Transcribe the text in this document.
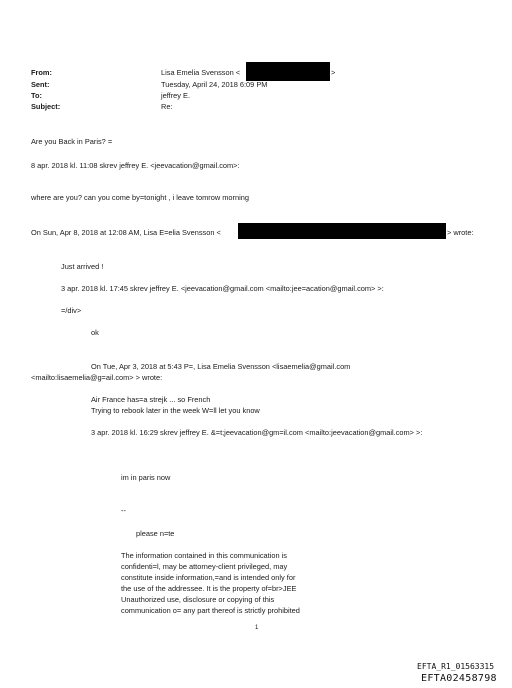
From:	Lisa Emelia Svensson <	>
Sent:	Tuesday, April 24, 2018 6:09 PM
To:	jeffrey E.
Subject:	Re:
Are you Back in Paris? =
8 apr. 2018 kl. 11:08 skrev jeffrey E. <jeevacation@gmail.com>:
where are you? can you come by=tonight , i leave tomrow morning
On Sun, Apr 8, 2018 at 12:08 AM, Lisa E=elia Svensson <	> wrote:
Just arrived !
3 apr. 2018 kl. 17:45 skrev jeffrey E. <jeevacation@gmail.com <mailto:jee=acation@gmail.com> >:
=/div>
ok
On Tue, Apr 3, 2018 at 5:43 P=, Lisa Emelia Svensson <lisaemelia@gmail.com
<mailto:lisaemelia@g=ail.com> > wrote:
Air France has=a strejk ... so French
Trying to rebook later in the week W=ll let you know
3 apr. 2018 kl. 16:29 skrev jeffrey E. &=t;jeevacation@gm=il.com <mailto:jeevacation@gmail.com> >:
im in paris now
--
please n=te
The information contained in this communication is
confidenti=l, may be attorney-client privileged, may
constitute inside information,=and is intended only for
the use of the addressee. It is the property of=br>JEE
Unauthorized use, disclosure or copying of this
communication o= any part thereof is strictly prohibited
1
EFTA_R1_01563315
EFTA02458798
